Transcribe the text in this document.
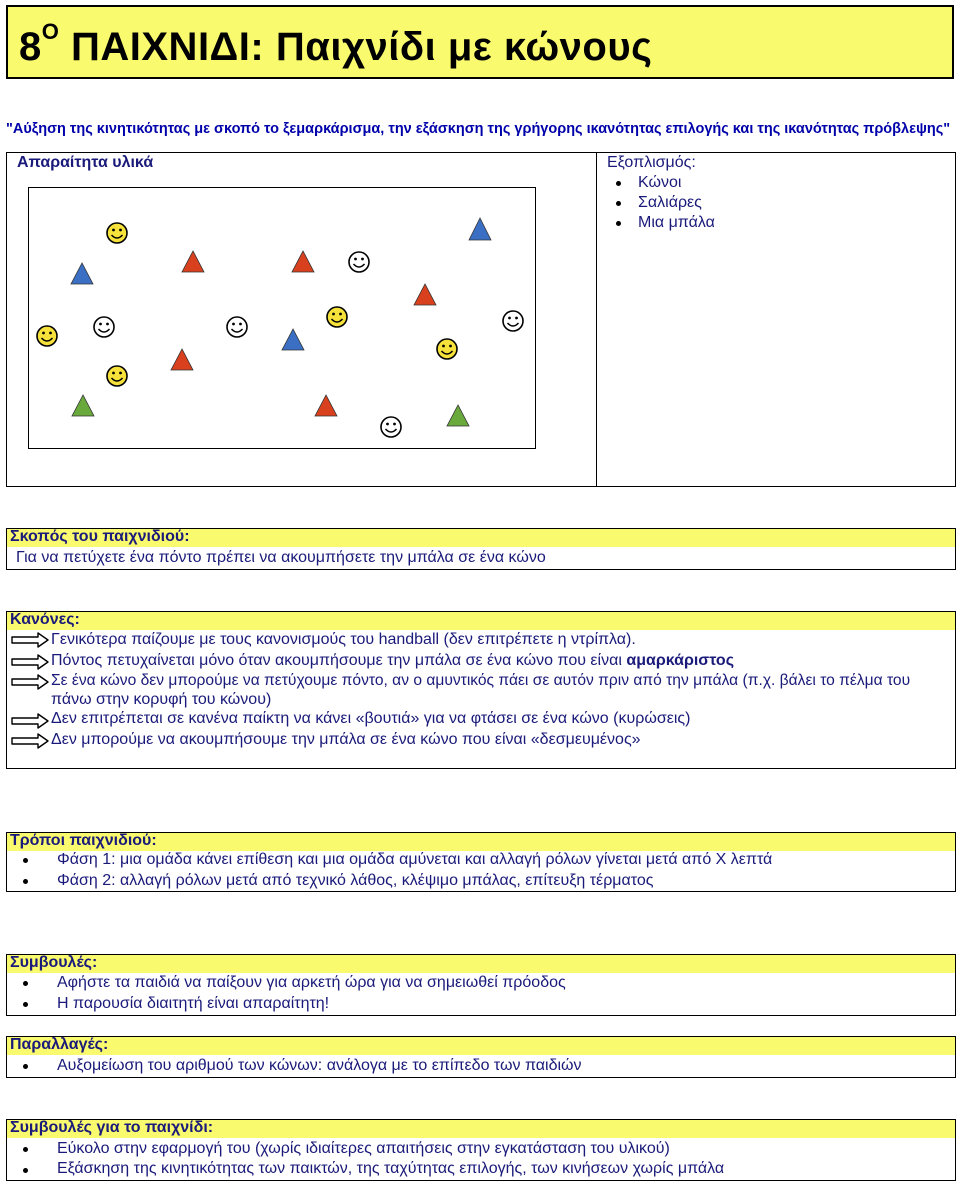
$8^O$ ΠΑΙΧΝΙΔΙ: Παιχνίδι με κώνους
"Αύξηση της κινητικότητας με σκοπό το ξεμαρκάρισμα, την εξάσκηση της γρήγορης ικανότητας επιλογής και της ικανότητας πρόβλεψης"
Απαραίτητα υλικά	Εξοπλισμός:
Κώνοι
Σαλιάρες
Μια μπάλα
Σκοπός του παιχνιδιού:
Για να πετύχετε ένα πόντο πρέπει να ακουμπήσετε την μπάλα σε ένα κώνο
Κανόνες:
Γενικότερα παίζουμε με τους κανονισμούς του handball (δεν επιτρέπετε η ντρίπλα).
Πόντος πετυχαίνεται μόνο όταν ακουμπήσουμε την μπάλα σε ένα κώνο που είναι αμαρκάριστος
Σε ένα κώνο δεν μπορούμε να πετύχουμε πόντο, αν ο αμυντικός πάει σε αυτόν πριν από την μπάλα (π.χ. βάλει το πέλμα του
πάνω στην κορυφή του κώνου)
Δεν επιτρέπεται σε κανένα παίκτη να κάνει «βουτιά» για να φτάσει σε ένα κώνο (κυρώσεις)
Δεν μπορούμε να ακουμπήσουμε την μπάλα σε ένα κώνο που είναι «δεσμευμένος»
Τρόποι παιχνιδιού:
Φάση 1: μια ομάδα κάνει επίθεση και μια ομάδα αμύνεται και αλλαγή ρόλων γίνεται μετά από Χ λεπτά
Φάση 2: αλλαγή ρόλων μετά από τεχνικό λάθος, κλέψιμο μπάλας, επίτευξη τέρματος
Συμβουλές:
Αφήστε τα παιδιά να παίξουν για αρκετή ώρα για να σημειωθεί πρόοδος
Η παρουσία διαιτητή είναι απαραίτητη!
Παραλλαγές:
Αυξομείωση του αριθμού των κώνων: ανάλογα με το επίπεδο των παιδιών
Συμβουλές για το παιχνίδι:
Εύκολο στην εφαρμογή του (χωρίς ιδιαίτερες απαιτήσεις στην εγκατάσταση του υλικού)
Εξάσκηση της κινητικότητας των παικτών, της ταχύτητας επιλογής, των κινήσεων χωρίς μπάλα
